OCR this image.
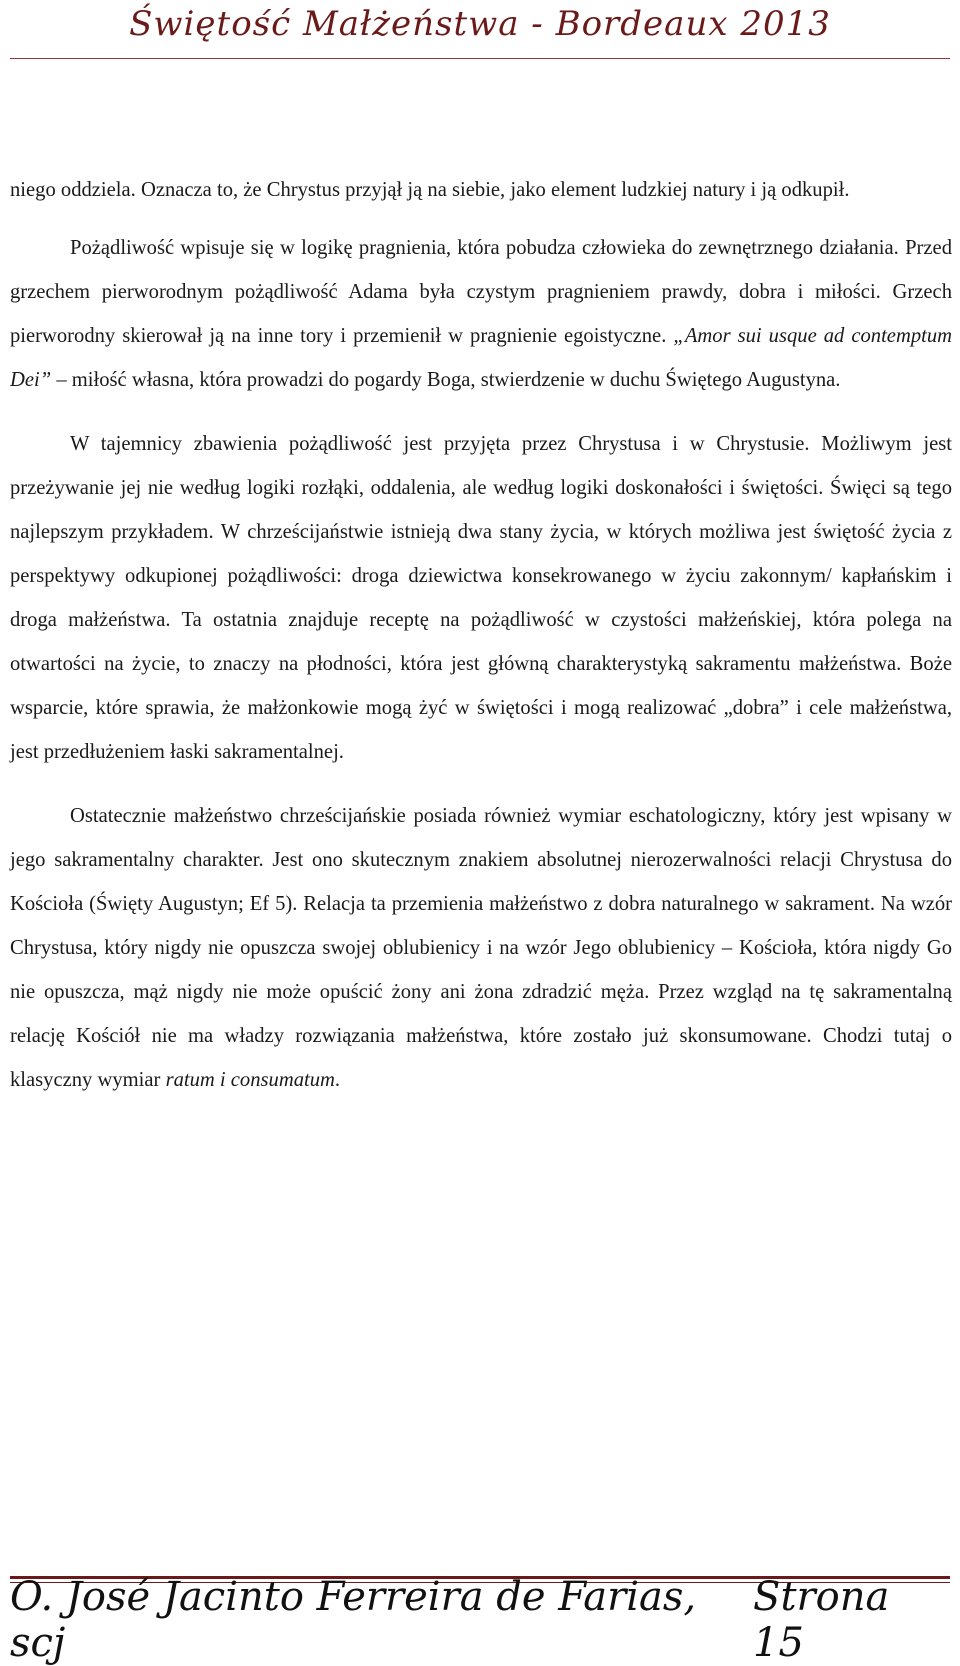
Świętość Małżeństwa - Bordeaux 2013

niego oddziela. Oznacza to, że Chrystus przyjął ją na siebie, jako element ludzkiej natury i ją odkupił.

Pożądliwość wpisuje się w logikę pragnienia, która pobudza człowieka do zewnętrznego działania. Przed grzechem pierworodnym pożądliwość Adama była czystym pragnieniem prawdy, dobra i miłości. Grzech pierworodny skierował ją na inne tory i przemienił w pragnienie egoistyczne. „Amor sui usque ad contemptum Dei” – miłość własna, która prowadzi do pogardy Boga, stwierdzenie w duchu Świętego Augustyna.

W tajemnicy zbawienia pożądliwość jest przyjęta przez Chrystusa i w Chrystusie. Możliwym jest przeżywanie jej nie według logiki rozłąki, oddalenia, ale według logiki doskonałości i świętości. Święci są tego najlepszym przykładem. W chrześcijaństwie istnieją dwa stany życia, w których możliwa jest świętość życia z perspektywy odkupionej pożądliwości: droga dziewictwa konsekrowanego w życiu zakonnym/ kapłańskim i droga małżeństwa. Ta ostatnia znajduje receptę na pożądliwość w czystości małżeńskiej, która polega na otwartości na życie, to znaczy na płodności, która jest główną charakterystyką sakramentu małżeństwa. Boże wsparcie, które sprawia, że małżonkowie mogą żyć w świętości i mogą realizować „dobra” i cele małżeństwa, jest przedłużeniem łaski sakramentalnej.

Ostatecznie małżeństwo chrześcijańskie posiada również wymiar eschatologiczny, który jest wpisany w jego sakramentalny charakter. Jest ono skutecznym znakiem absolutnej nierozerwalności relacji Chrystusa do Kościoła (Święty Augustyn; Ef 5). Relacja ta przemienia małżeństwo z dobra naturalnego w sakrament. Na wzór Chrystusa, który nigdy nie opuszcza swojej oblubienicy i na wzór Jego oblubienicy – Kościoła, która nigdy Go nie opuszcza, mąż nigdy nie może opuścić żony ani żona zdradzić męża. Przez wzgląd na tę sakramentalną relację Kościół nie ma władzy rozwiązania małżeństwa, które zostało już skonsumowane. Chodzi tutaj o klasyczny wymiar ratum i consumatum.

O. José Jacinto Ferreira de Farias, scj
Strona 15
